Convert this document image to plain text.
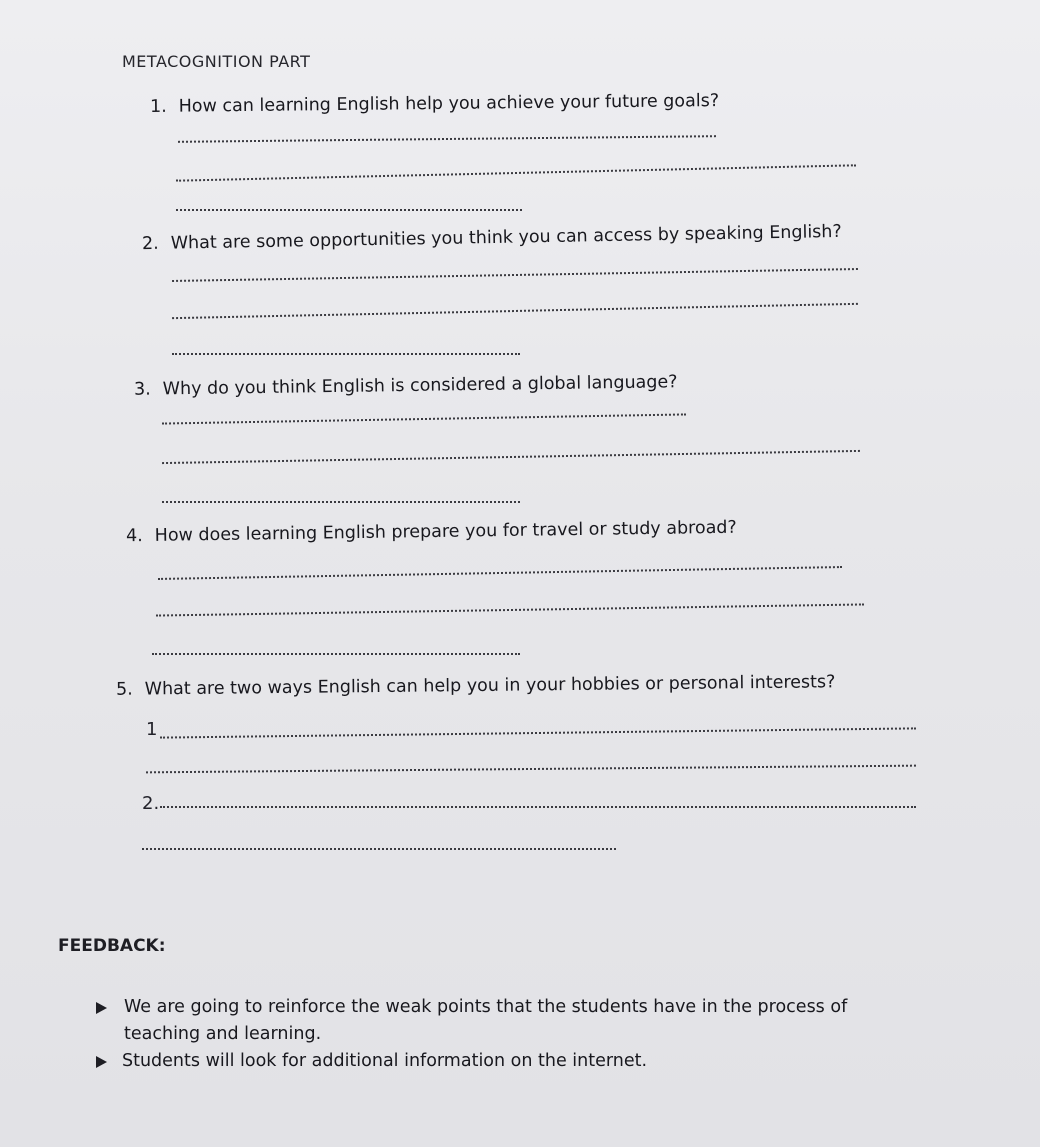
METACOGNITION PART
1. How can learning English help you achieve your future goals?
2. What are some opportunities you think you can access by speaking English?
3. Why do you think English is considered a global language?
4. How does learning English prepare you for travel or study abroad?
5. What are two ways English can help you in your hobbies or personal interests?
1
2.
FEEDBACK:
We are going to reinforce the weak points that the students have in the process of teaching and learning.
Students will look for additional information on the internet.
